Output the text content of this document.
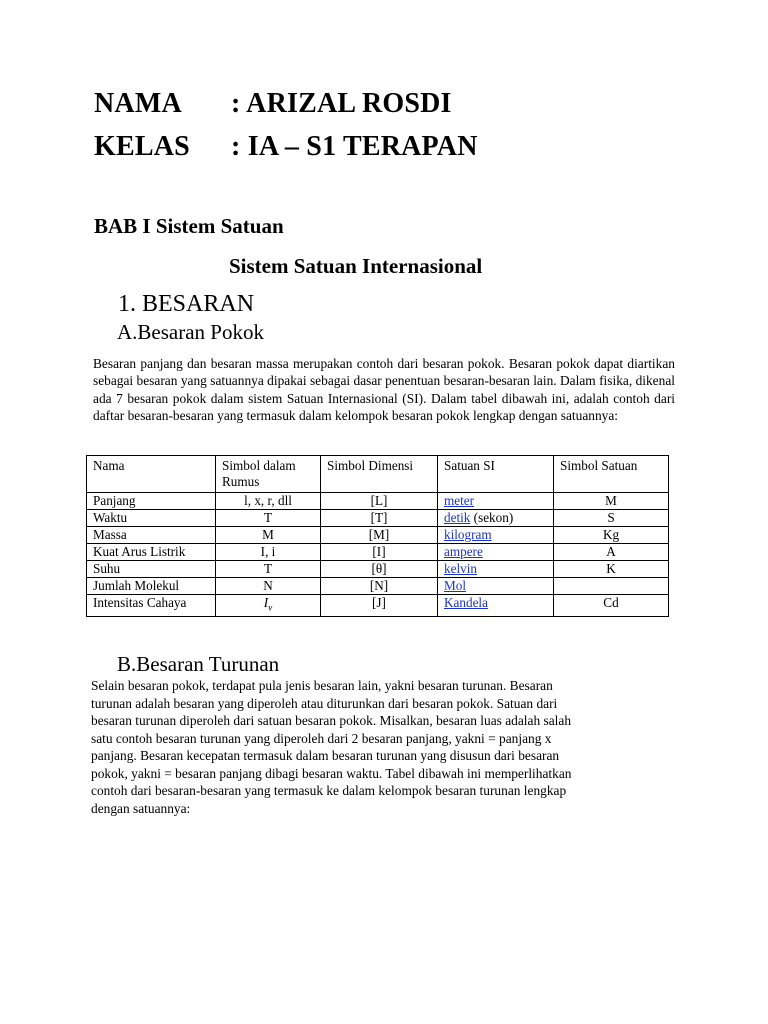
NAMA : ARIZAL ROSDI
KELAS : IA – S1 TERAPAN
BAB I Sistem Satuan
Sistem Satuan Internasional
1. BESARAN
A.Besaran Pokok
Besaran panjang dan besaran massa merupakan contoh dari besaran pokok. Besaran pokok dapat diartikan sebagai besaran yang satuannya dipakai sebagai dasar penentuan besaran-besaran lain. Dalam fisika, dikenal ada 7 besaran pokok dalam sistem Satuan Internasional (SI). Dalam tabel dibawah ini, adalah contoh dari daftar besaran-besaran yang termasuk dalam kelompok besaran pokok lengkap dengan satuannya:
Nama	Simbol dalam Rumus	Simbol Dimensi	Satuan SI	Simbol Satuan
Panjang	l, x, r, dll	[L]	meter	M
Waktu	T	[T]	detik (sekon)	S
Massa	M	[M]	kilogram	Kg
Kuat Arus Listrik	I, i	[I]	ampere	A
Suhu	T	[θ]	kelvin	K
Jumlah Molekul	N	[N]	Mol	
Intensitas Cahaya	$I_v$	[J]	Kandela	Cd
B.Besaran Turunan
Selain besaran pokok, terdapat pula jenis besaran lain, yakni besaran turunan. Besaran
turunan adalah besaran yang diperoleh atau diturunkan dari besaran pokok. Satuan dari
besaran turunan diperoleh dari satuan besaran pokok. Misalkan, besaran luas adalah salah
satu contoh besaran turunan yang diperoleh dari 2 besaran panjang, yakni = panjang x
panjang. Besaran kecepatan termasuk dalam besaran turunan yang disusun dari besaran
pokok, yakni = besaran panjang dibagi besaran waktu. Tabel dibawah ini memperlihatkan
contoh dari besaran-besaran yang termasuk ke dalam kelompok besaran turunan lengkap
dengan satuannya:
